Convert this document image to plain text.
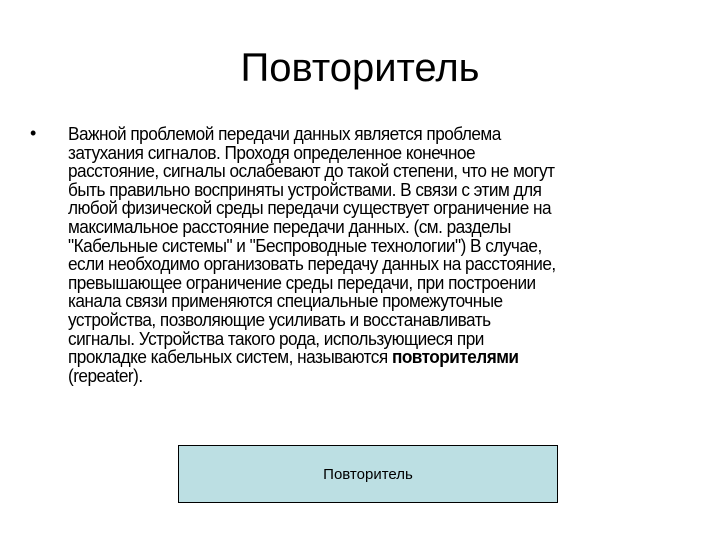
Повторитель
• Важной проблемой передачи данных является проблема
затухания сигналов. Проходя определенное конечное
расстояние, сигналы ослабевают до такой степени, что не могут
быть правильно восприняты устройствами. В связи с этим для
любой физической среды передачи существует ограничение на
максимальное расстояние передачи данных. (см. разделы
"Кабельные системы" и "Беспроводные технологии") В случае,
если необходимо организовать передачу данных на расстояние,
превышающее ограничение среды передачи, при построении
канала связи применяются специальные промежуточные
устройства, позволяющие усиливать и восстанавливать
сигналы. Устройства такого рода, использующиеся при
прокладке кабельных систем, называются повторителями
(repeater).
Повторитель
